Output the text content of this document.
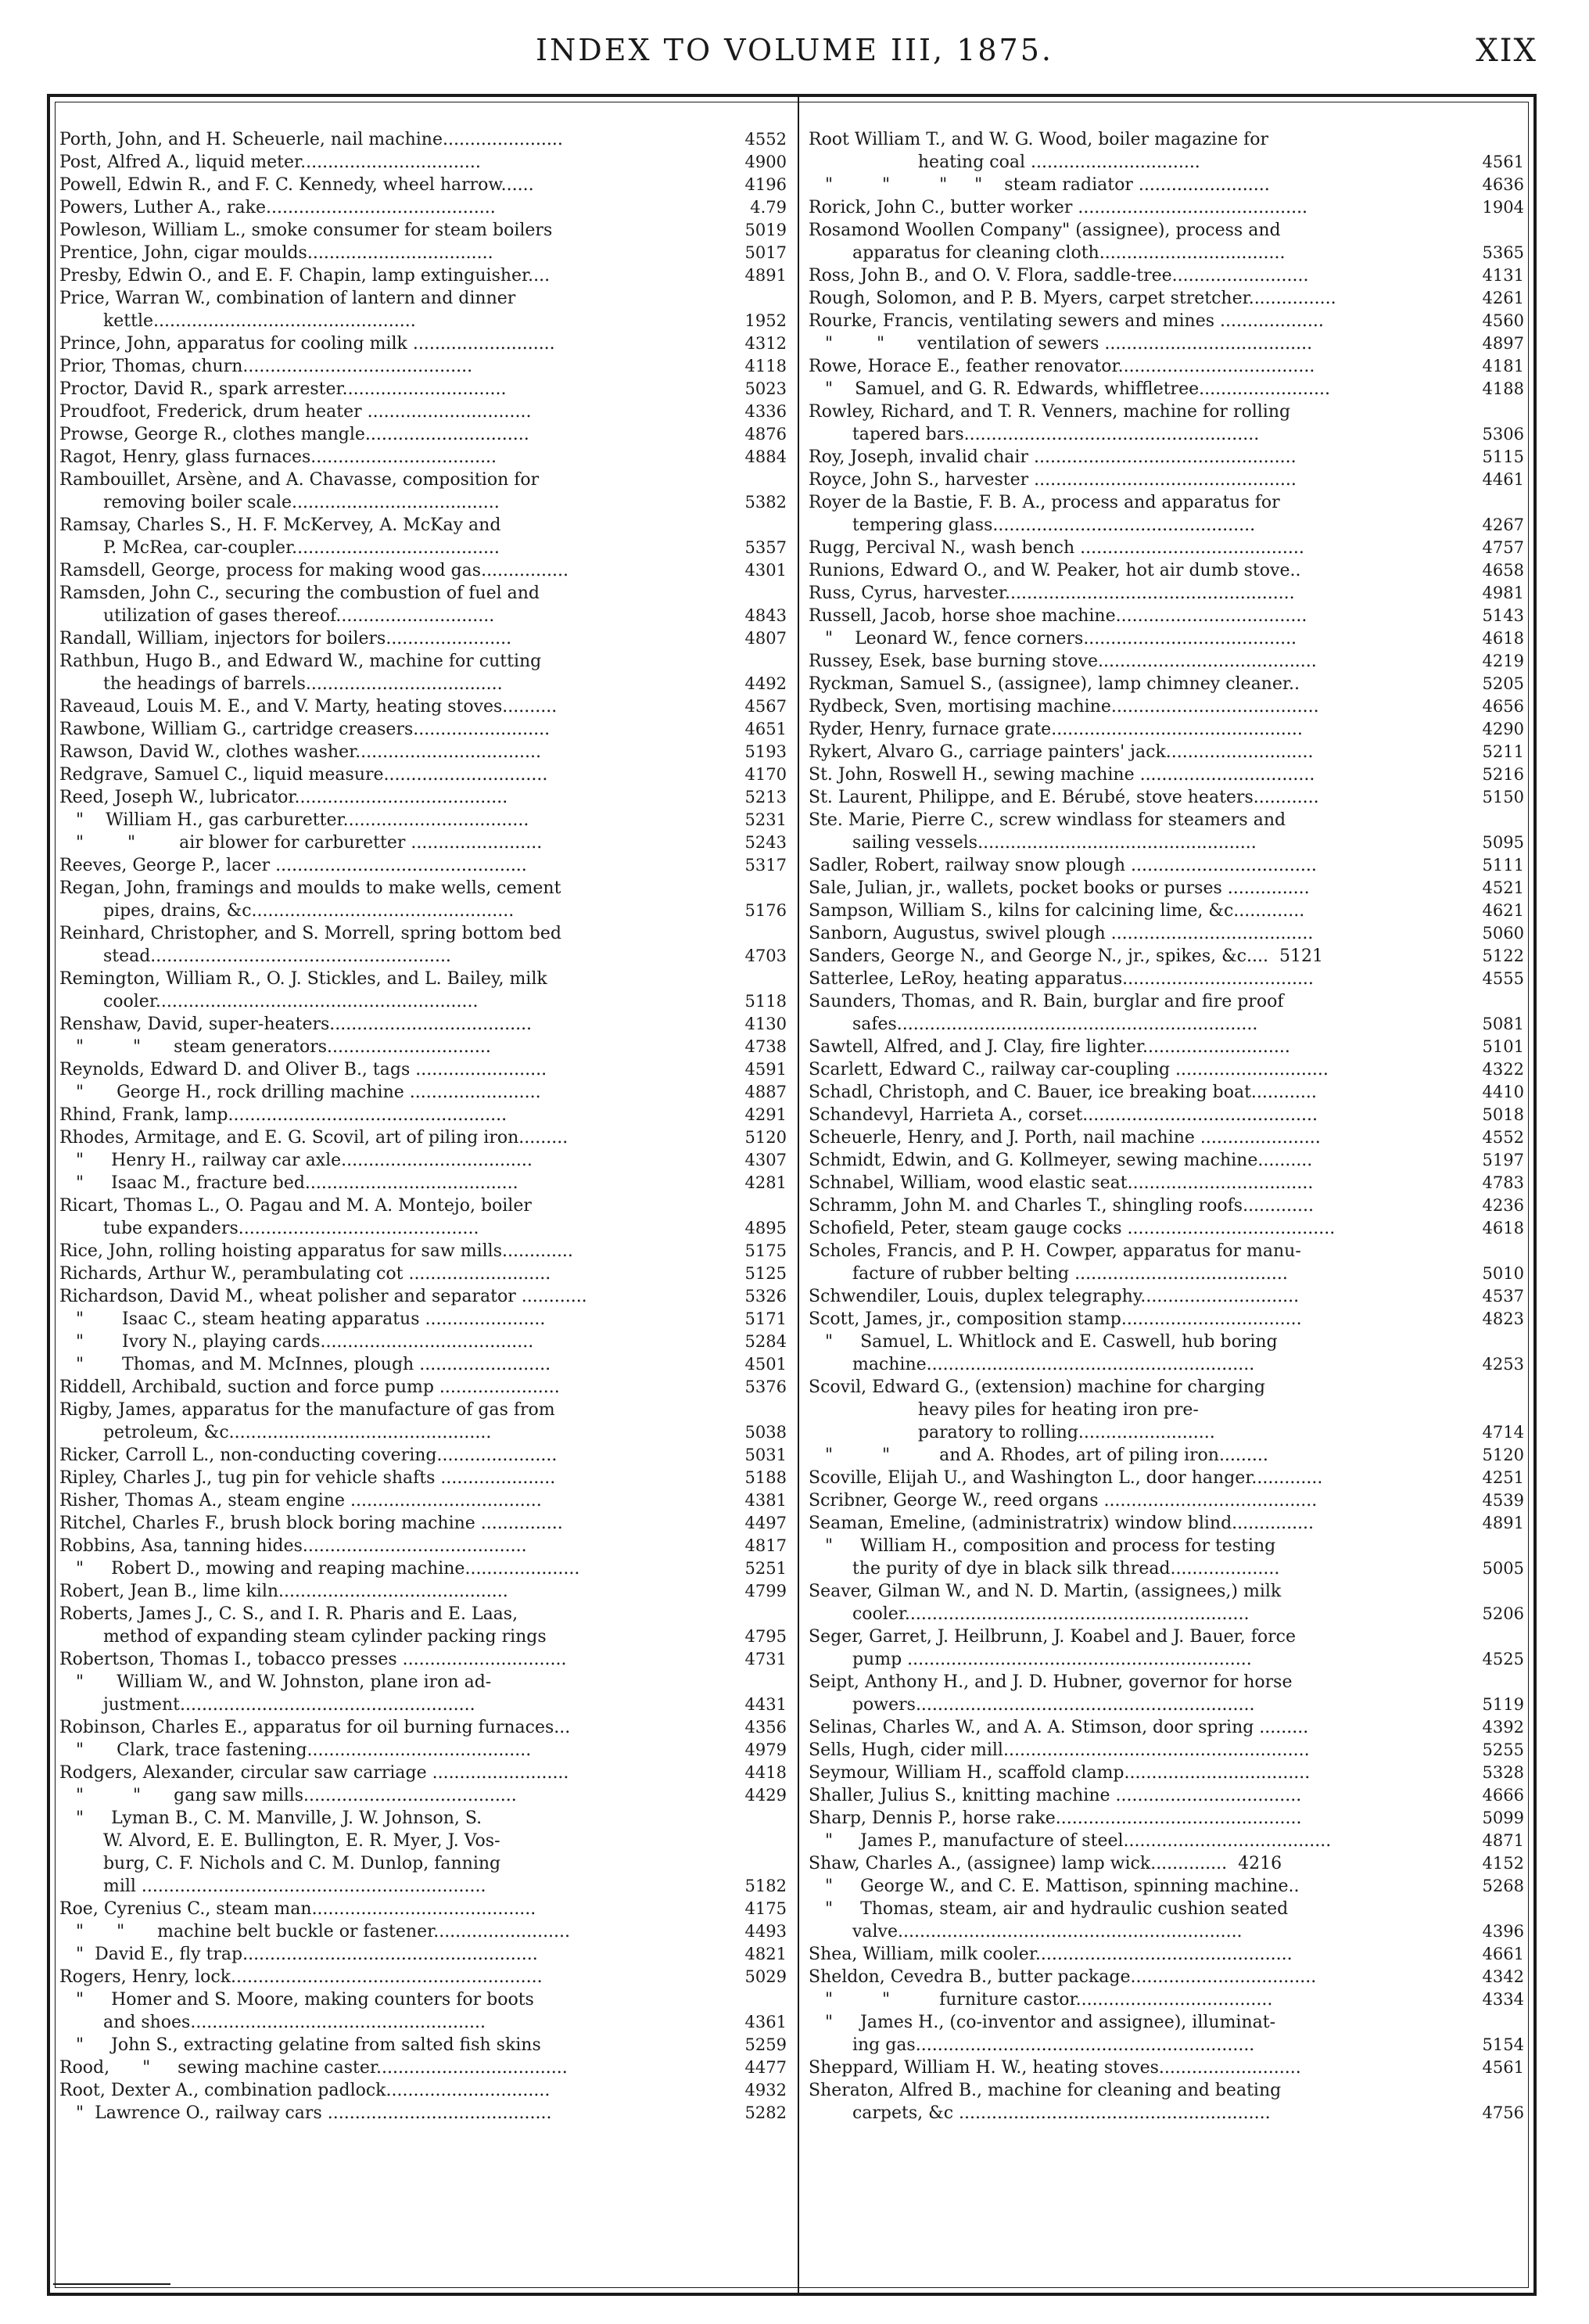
INDEX TO VOLUME III, 1875.	XIX
Porth, John, and H. Scheuerle, nail machine......................	4552
Post, Alfred A., liquid meter.................................	4900
Powell, Edwin R., and F. C. Kennedy, wheel harrow......	4196
Powers, Luther A., rake..........................................	4.79
Powleson, William L., smoke consumer for steam boilers	5019
Prentice, John, cigar moulds..................................	5017
Presby, Edwin O., and E. F. Chapin, lamp extinguisher....	4891
Price, Warran W., combination of lantern and dinner
kettle................................................	1952
Prince, John, apparatus for cooling milk ..........................	4312
Prior, Thomas, churn..........................................	4118
Proctor, David R., spark arrester..............................	5023
Proudfoot, Frederick, drum heater ..............................	4336
Prowse, George R., clothes mangle..............................	4876
Ragot, Henry, glass furnaces..................................	4884
Rambouillet, Arsène, and A. Chavasse, composition for
removing boiler scale......................................	5382
Ramsay, Charles S., H. F. McKervey, A. McKay and
P. McRea, car-coupler......................................	5357
Ramsdell, George, process for making wood gas................	4301
Ramsden, John C., securing the combustion of fuel and
utilization of gases thereof.............................	4843
Randall, William, injectors for boilers.......................	4807
Rathbun, Hugo B., and Edward W., machine for cutting
the headings of barrels....................................	4492
Raveaud, Louis M. E., and V. Marty, heating stoves..........	4567
Rawbone, William G., cartridge creasers.........................	4651
Rawson, David W., clothes washer..................................	5193
Redgrave, Samuel C., liquid measure..............................	4170
Reed, Joseph W., lubricator.......................................	5213
"    William H., gas carburetter..................................	5231
"        "        air blower for carburetter ........................	5243
Reeves, George P., lacer ..............................................	5317
Regan, John, framings and moulds to make wells, cement
pipes, drains, &c................................................	5176
Reinhard, Christopher, and S. Morrell, spring bottom bed
stead.......................................................	4703
Remington, William R., O. J. Stickles, and L. Bailey, milk
cooler...........................................................	5118
Renshaw, David, super-heaters.....................................	4130
"         "      steam generators..............................	4738
Reynolds, Edward D. and Oliver B., tags ........................	4591
"      George H., rock drilling machine ........................	4887
Rhind, Frank, lamp...................................................	4291
Rhodes, Armitage, and E. G. Scovil, art of piling iron.........	5120
"     Henry H., railway car axle...................................	4307
"     Isaac M., fracture bed.......................................	4281
Ricart, Thomas L., O. Pagau and M. A. Montejo, boiler
tube expanders............................................	4895
Rice, John, rolling hoisting apparatus for saw mills.............	5175
Richards, Arthur W., perambulating cot ..........................	5125
Richardson, David M., wheat polisher and separator ............	5326
"       Isaac C., steam heating apparatus ......................	5171
"       Ivory N., playing cards.......................................	5284
"       Thomas, and M. McInnes, plough ........................	4501
Riddell, Archibald, suction and force pump ......................	5376
Rigby, James, apparatus for the manufacture of gas from
petroleum, &c................................................	5038
Ricker, Carroll L., non-conducting covering......................	5031
Ripley, Charles J., tug pin for vehicle shafts .....................	5188
Risher, Thomas A., steam engine ...................................	4381
Ritchel, Charles F., brush block boring machine ...............	4497
Robbins, Asa, tanning hides.........................................	4817
"     Robert D., mowing and reaping machine.....................	5251
Robert, Jean B., lime kiln..........................................	4799
Roberts, James J., C. S., and I. R. Pharis and E. Laas,
method of expanding steam cylinder packing rings	4795
Robertson, Thomas I., tobacco presses ..............................	4731
"      William W., and W. Johnston, plane iron ad-
justment......................................................	4431
Robinson, Charles E., apparatus for oil burning furnaces...	4356
"      Clark, trace fastening.........................................	4979
Rodgers, Alexander, circular saw carriage .........................	4418
"         "      gang saw mills.......................................	4429
"     Lyman B., C. M. Manville, J. W. Johnson, S.
W. Alvord, E. E. Bullington, E. R. Myer, J. Vos-
burg, C. F. Nichols and C. M. Dunlop, fanning
mill ...............................................................	5182
Roe, Cyrenius C., steam man.........................................	4175
"      "      machine belt buckle or fastener.........................	4493
"  David E., fly trap......................................................	4821
Rogers, Henry, lock.........................................................	5029
"     Homer and S. Moore, making counters for boots
and shoes......................................................	4361
"     John S., extracting gelatine from salted fish skins	5259
Rood,      "     sewing machine caster...................................	4477
Root, Dexter A., combination padlock..............................	4932
"  Lawrence O., railway cars .........................................	5282
Root William T., and W. G. Wood, boiler magazine for
heating coal ...............................	4561
"         "         "     "    steam radiator ........................	4636
Rorick, John C., butter worker ..........................................	1904
Rosamond Woollen Company" (assignee), process and
apparatus for cleaning cloth..................................	5365
Ross, John B., and O. V. Flora, saddle-tree.........................	4131
Rough, Solomon, and P. B. Myers, carpet stretcher................	4261
Rourke, Francis, ventilating sewers and mines ...................	4560
"        "      ventilation of sewers ......................................	4897
Rowe, Horace E., feather renovator....................................	4181
"    Samuel, and G. R. Edwards, whiffletree........................	4188
Rowley, Richard, and T. R. Venners, machine for rolling
tapered bars......................................................	5306
Roy, Joseph, invalid chair ................................................	5115
Royce, John S., harvester ................................................	4461
Royer de la Bastie, F. B. A., process and apparatus for
tempering glass................................................	4267
Rugg, Percival N., wash bench .........................................	4757
Runions, Edward O., and W. Peaker, hot air dumb stove..	4658
Russ, Cyrus, harvester.....................................................	4981
Russell, Jacob, horse shoe machine...................................	5143
"    Leonard W., fence corners.......................................	4618
Russey, Esek, base burning stove........................................	4219
Ryckman, Samuel S., (assignee), lamp chimney cleaner..	5205
Rydbeck, Sven, mortising machine......................................	4656
Ryder, Henry, furnace grate..............................................	4290
Rykert, Alvaro G., carriage painters' jack...........................	5211
St. John, Roswell H., sewing machine ................................	5216
St. Laurent, Philippe, and E. Bérubé, stove heaters............	5150
Ste. Marie, Pierre C., screw windlass for steamers and
sailing vessels...................................................	5095
Sadler, Robert, railway snow plough ..................................	5111
Sale, Julian, jr., wallets, pocket books or purses ...............	4521
Sampson, William S., kilns for calcining lime, &c.............	4621
Sanborn, Augustus, swivel plough .....................................	5060
Sanders, George N., and George N., jr., spikes, &c....  5121	5122
Satterlee, LeRoy, heating apparatus...................................	4555
Saunders, Thomas, and R. Bain, burglar and fire proof
safes..................................................................	5081
Sawtell, Alfred, and J. Clay, fire lighter...........................	5101
Scarlett, Edward C., railway car-coupling ............................	4322
Schadl, Christoph, and C. Bauer, ice breaking boat............	4410
Schandevyl, Harrieta A., corset...........................................	5018
Scheuerle, Henry, and J. Porth, nail machine ......................	4552
Schmidt, Edwin, and G. Kollmeyer, sewing machine..........	5197
Schnabel, William, wood elastic seat..................................	4783
Schramm, John M. and Charles T., shingling roofs.............	4236
Schofield, Peter, steam gauge cocks ......................................	4618
Scholes, Francis, and P. H. Cowper, apparatus for manu-
facture of rubber belting .......................................	5010
Schwendiler, Louis, duplex telegraphy.............................	4537
Scott, James, jr., composition stamp.................................	4823
"     Samuel, L. Whitlock and E. Caswell, hub boring
machine............................................................	4253
Scovil, Edward G., (extension) machine for charging
heavy piles for heating iron pre-
paratory to rolling.........................	4714
"         "         and A. Rhodes, art of piling iron.........	5120
Scoville, Elijah U., and Washington L., door hanger.............	4251
Scribner, George W., reed organs .......................................	4539
Seaman, Emeline, (administratrix) window blind...............	4891
"     William H., composition and process for testing
the purity of dye in black silk thread....................	5005
Seaver, Gilman W., and N. D. Martin, (assignees,) milk
cooler...............................................................	5206
Seger, Garret, J. Heilbrunn, J. Koabel and J. Bauer, force
pump ...............................................................	4525
Seipt, Anthony H., and J. D. Hubner, governor for horse
powers..............................................................	5119
Selinas, Charles W., and A. A. Stimson, door spring .........	4392
Sells, Hugh, cider mill........................................................	5255
Seymour, William H., scaffold clamp..................................	5328
Shaller, Julius S., knitting machine ..................................	4666
Sharp, Dennis P., horse rake.............................................	5099
"     James P., manufacture of steel......................................	4871
Shaw, Charles A., (assignee) lamp wick..............  4216	4152
"     George W., and C. E. Mattison, spinning machine..	5268
"     Thomas, steam, air and hydraulic cushion seated
valve...............................................................	4396
Shea, William, milk cooler...............................................	4661
Sheldon, Cevedra B., butter package..................................	4342
"         "         furniture castor....................................	4334
"     James H., (co-inventor and assignee), illuminat-
ing gas..............................................................	5154
Sheppard, William H. W., heating stoves..........................	4561
Sheraton, Alfred B., machine for cleaning and beating
carpets, &c .........................................................	4756
